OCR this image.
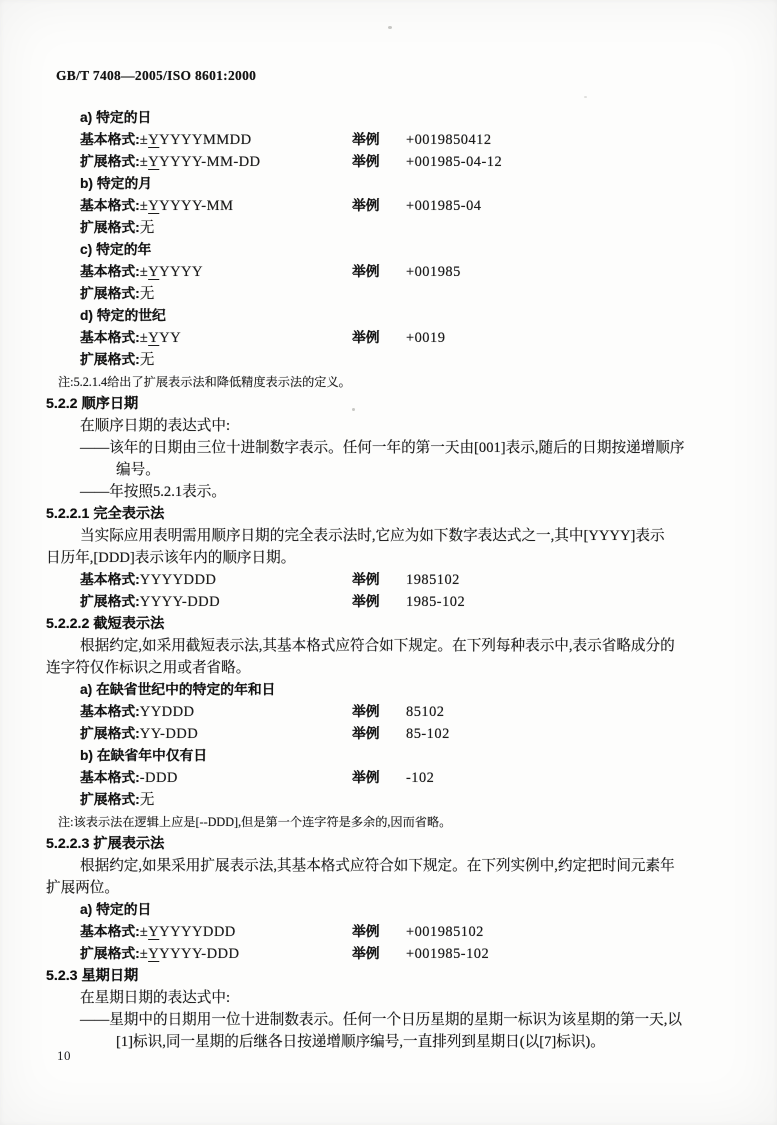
GB/T 7408—2005/ISO 8601:2000
a) 特定的日
基本格式:±YYYYYMMDD	举例 +0019850412
扩展格式:±YYYYY-MM-DD	举例 +001985-04-12
b) 特定的月
基本格式:±YYYYY-MM	举例 +001985-04
扩展格式:无
c) 特定的年
基本格式:±YYYYY	举例 +001985
扩展格式:无
d) 特定的世纪
基本格式:±YYY	举例 +0019
扩展格式:无
注:5.2.1.4给出了扩展表示法和降低精度表示法的定义。
5.2.2 顺序日期
在顺序日期的表达式中:
——该年的日期由三位十进制数字表示。任何一年的第一天由[001]表示,随后的日期按递增顺序
编号。
——年按照5.2.1表示。
5.2.2.1 完全表示法
当实际应用表明需用顺序日期的完全表示法时,它应为如下数字表达式之一,其中[YYYY]表示
日历年,[DDD]表示该年内的顺序日期。
基本格式:YYYYDDD	举例 1985102
扩展格式:YYYY-DDD	举例 1985-102
5.2.2.2 截短表示法
根据约定,如采用截短表示法,其基本格式应符合如下规定。在下列每种表示中,表示省略成分的
连字符仅作标识之用或者省略。
a) 在缺省世纪中的特定的年和日
基本格式:YYDDD	举例 85102
扩展格式:YY-DDD	举例 85-102
b) 在缺省年中仅有日
基本格式:-DDD	举例 -102
扩展格式:无
注:该表示法在逻辑上应是[--DDD],但是第一个连字符是多余的,因而省略。
5.2.2.3 扩展表示法
根据约定,如果采用扩展表示法,其基本格式应符合如下规定。在下列实例中,约定把时间元素年
扩展两位。
a) 特定的日
基本格式:±YYYYYDDD	举例 +001985102
扩展格式:±YYYYY-DDD	举例 +001985-102
5.2.3 星期日期
在星期日期的表达式中:
——星期中的日期用一位十进制数表示。任何一个日历星期的星期一标识为该星期的第一天,以
[1]标识,同一星期的后继各日按递增顺序编号,一直排列到星期日(以[7]标识)。
10
